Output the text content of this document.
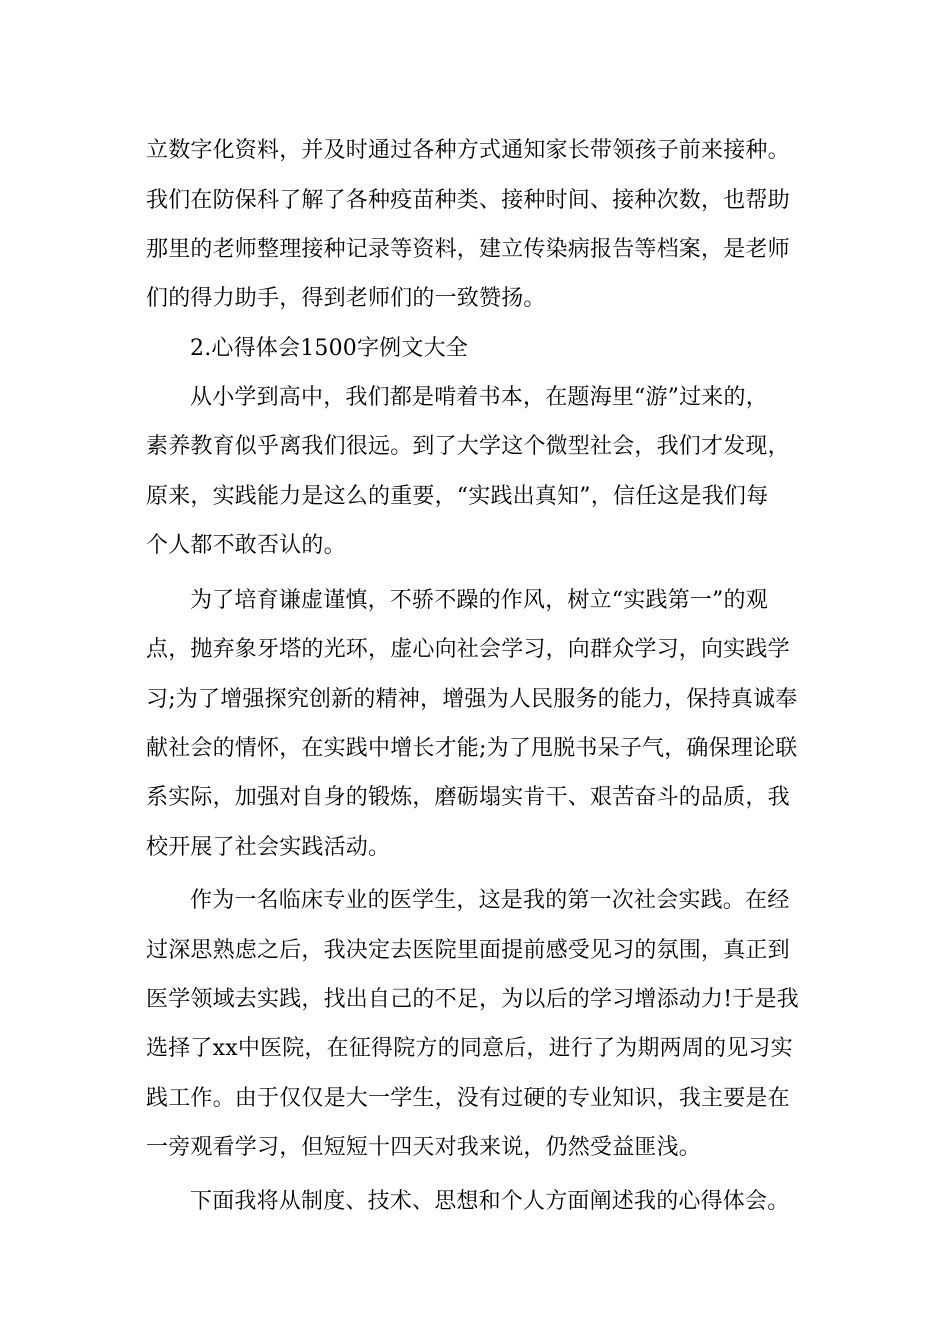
立数字化资料，并及时通过各种方式通知家长带领孩子前来接种。
我们在防保科了解了各种疫苗种类、接种时间、接种次数，也帮助
那里的老师整理接种记录等资料，建立传染病报告等档案，是老师
们的得力助手，得到老师们的一致赞扬。
2.心得体会1500字例文大全
从小学到高中，我们都是啃着书本，在题海里“游”过来的，
素养教育似乎离我们很远。到了大学这个微型社会，我们才发现，
原来，实践能力是这么的重要，“实践出真知”，信任这是我们每
个人都不敢否认的。
为了培育谦虚谨慎，不骄不躁的作风，树立“实践第一”的观
点，抛弃象牙塔的光环，虚心向社会学习，向群众学习，向实践学
习;为了增强探究创新的精神，增强为人民服务的能力，保持真诚奉
献社会的情怀，在实践中增长才能;为了甩脱书呆子气，确保理论联
系实际，加强对自身的锻炼，磨砺塌实肯干、艰苦奋斗的品质，我
校开展了社会实践活动。
作为一名临床专业的医学生，这是我的第一次社会实践。在经
过深思熟虑之后，我决定去医院里面提前感受见习的氛围，真正到
医学领域去实践，找出自己的不足，为以后的学习增添动力!于是我
选择了xx中医院，在征得院方的同意后，进行了为期两周的见习实
践工作。由于仅仅是大一学生，没有过硬的专业知识，我主要是在
一旁观看学习，但短短十四天对我来说，仍然受益匪浅。
下面我将从制度、技术、思想和个人方面阐述我的心得体会。
